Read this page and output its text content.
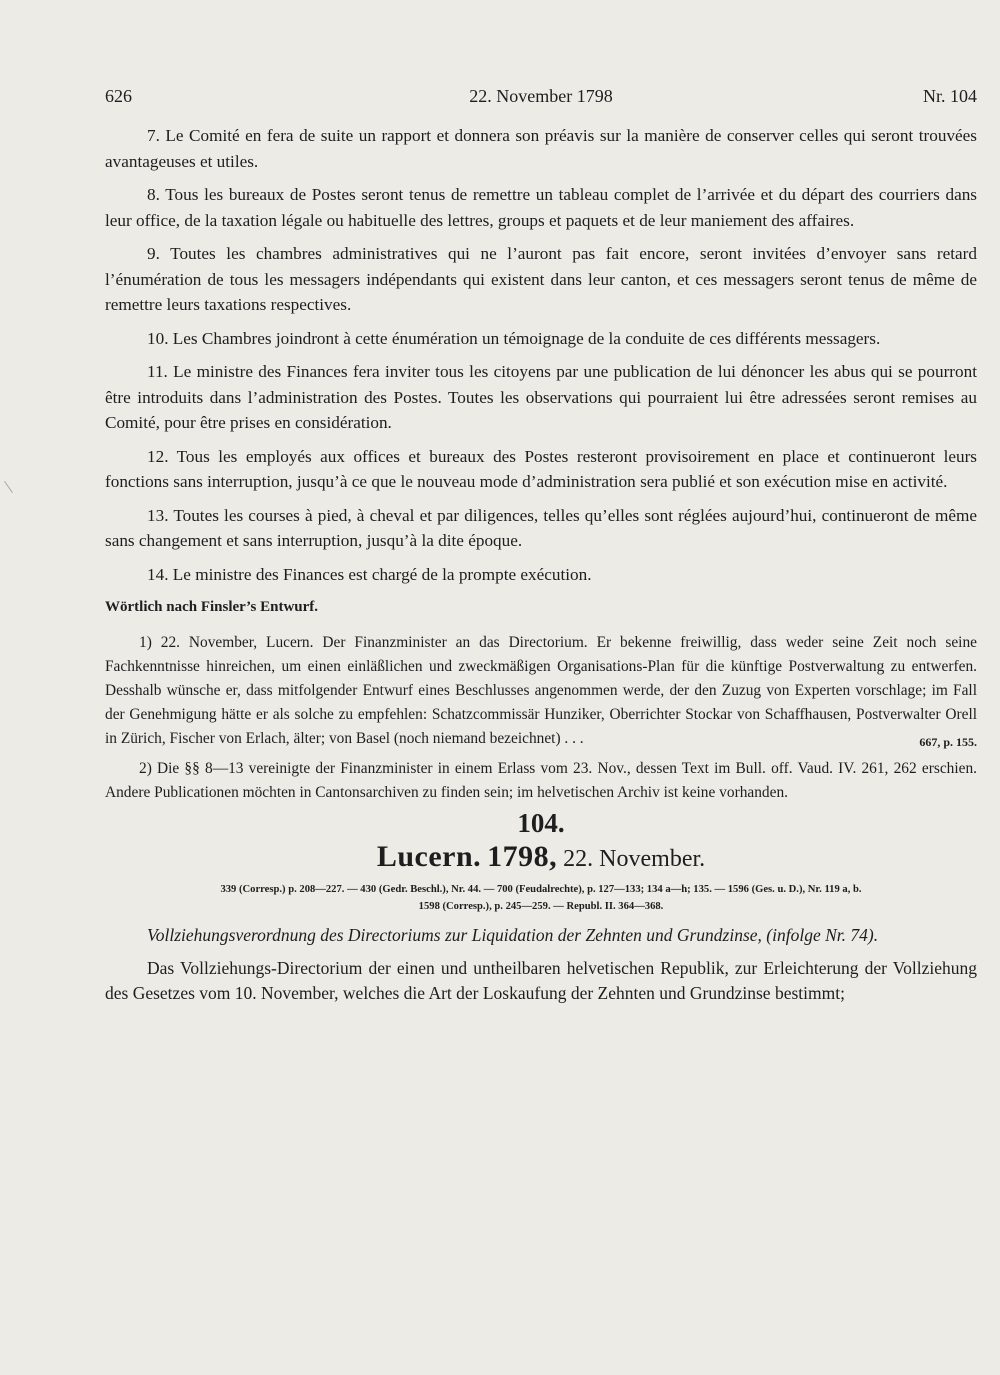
626	22. November 1798	Nr. 104

7. Le Comité en fera de suite un rapport et donnera son préavis sur la manière de conserver celles qui seront trouvées avantageuses et utiles.

8. Tous les bureaux de Postes seront tenus de remettre un tableau complet de l’arrivée et du départ des courriers dans leur office, de la taxation légale ou habituelle des lettres, groups et paquets et de leur maniement des affaires.

9. Toutes les chambres administratives qui ne l’auront pas fait encore, seront invitées d’envoyer sans retard l’énumération de tous les messagers indépendants qui existent dans leur canton, et ces messagers seront tenus de même de remettre leurs taxations respectives.

10. Les Chambres joindront à cette énumération un témoignage de la conduite de ces différents messagers.

11. Le ministre des Finances fera inviter tous les citoyens par une publication de lui dénoncer les abus qui se pourront être introduits dans l’administration des Postes. Toutes les observations qui pourraient lui être adressées seront remises au Comité, pour être prises en considération.

12. Tous les employés aux offices et bureaux des Postes resteront provisoirement en place et continueront leurs fonctions sans interruption, jusqu’à ce que le nouveau mode d’administration sera publié et son exécution mise en activité.

13. Toutes les courses à pied, à cheval et par diligences, telles qu’elles sont réglées aujourd’hui, continueront de même sans changement et sans interruption, jusqu’à la dite époque.

14. Le ministre des Finances est chargé de la prompte exécution.

Wörtlich nach Finsler’s Entwurf.

1) 22. November, Lucern. Der Finanzminister an das Directorium. Er bekenne freiwillig, dass weder seine Zeit noch seine Fachkenntnisse hinreichen, um einen einläßlichen und zweckmäßigen Organisations-Plan für die künftige Postverwaltung zu entwerfen. Desshalb wünsche er, dass mitfolgender Entwurf eines Beschlusses angenommen werde, der den Zuzug von Experten vorschlage; im Fall der Genehmigung hätte er als solche zu empfehlen: Schatzcommissär Hunziker, Oberrichter Stockar von Schaffhausen, Postverwalter Orell in Zürich, Fischer von Erlach, älter; von Basel (noch niemand bezeichnet) . . .	667, p. 155.

2) Die §§ 8—13 vereinigte der Finanzminister in einem Erlass vom 23. Nov., dessen Text im Bull. off. Vaud. IV. 261, 262 erschien. Andere Publicationen möchten in Cantonsarchiven zu finden sein; im helvetischen Archiv ist keine vorhanden.

104.

Lucern. 1798, 22. November.

339 (Corresp.) p. 208—227. — 430 (Gedr. Beschl.), Nr. 44. — 700 (Feudalrechte), p. 127—133; 134 a—h; 135. — 1596 (Ges. u. D.), Nr. 119 a, b.
1598 (Corresp.), p. 245—259. — Republ. II. 364—368.

Vollziehungsverordnung des Directoriums zur Liquidation der Zehnten und Grundzinse, (infolge Nr. 74).

Das Vollziehungs-Directorium der einen und untheilbaren helvetischen Republik, zur Erleichterung der Vollziehung des Gesetzes vom 10. November, welches die Art der Loskaufung der Zehnten und Grundzinse bestimmt;
